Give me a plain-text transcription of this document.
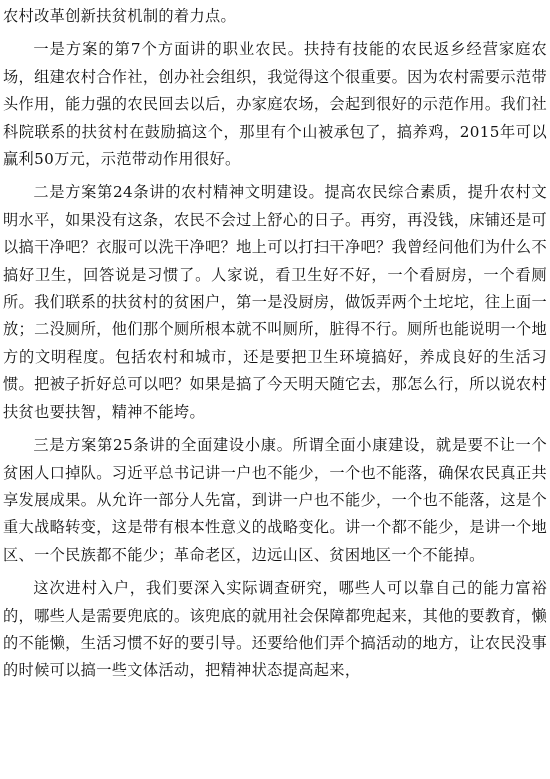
农村改革创新扶贫机制的着力点。

一是方案的第7个方面讲的职业农民。扶持有技能的农民返乡经营家庭农场，组建农村合作社，创办社会组织，我觉得这个很重要。因为农村需要示范带头作用，能力强的农民回去以后，办家庭农场，会起到很好的示范作用。我们社科院联系的扶贫村在鼓励搞这个，那里有个山被承包了，搞养鸡，2015年可以赢利50万元，示范带动作用很好。

二是方案第24条讲的农村精神文明建设。提高农民综合素质，提升农村文明水平，如果没有这条，农民不会过上舒心的日子。再穷，再没钱，床铺还是可以搞干净吧？衣服可以洗干净吧？地上可以打扫干净吧？我曾经问他们为什么不搞好卫生，回答说是习惯了。人家说，看卫生好不好，一个看厨房，一个看厕所。我们联系的扶贫村的贫困户，第一是没厨房，做饭弄两个土坨坨，往上面一放；二没厕所，他们那个厕所根本就不叫厕所，脏得不行。厕所也能说明一个地方的文明程度。包括农村和城市，还是要把卫生环境搞好，养成良好的生活习惯。把被子折好总可以吧？如果是搞了今天明天随它去，那怎么行，所以说农村扶贫也要扶智，精神不能垮。

三是方案第25条讲的全面建设小康。所谓全面小康建设，就是要不让一个贫困人口掉队。习近平总书记讲一户也不能少，一个也不能落，确保农民真正共享发展成果。从允许一部分人先富，到讲一户也不能少，一个也不能落，这是个重大战略转变，这是带有根本性意义的战略变化。讲一个都不能少，是讲一个地区、一个民族都不能少；革命老区，边远山区、贫困地区一个不能掉。

这次进村入户，我们要深入实际调查研究，哪些人可以靠自己的能力富裕的，哪些人是需要兜底的。该兜底的就用社会保障都兜起来，其他的要教育，懒的不能懒，生活习惯不好的要引导。还要给他们弄个搞活动的地方，让农民没事的时候可以搞一些文体活动，把精神状态提高起来，
